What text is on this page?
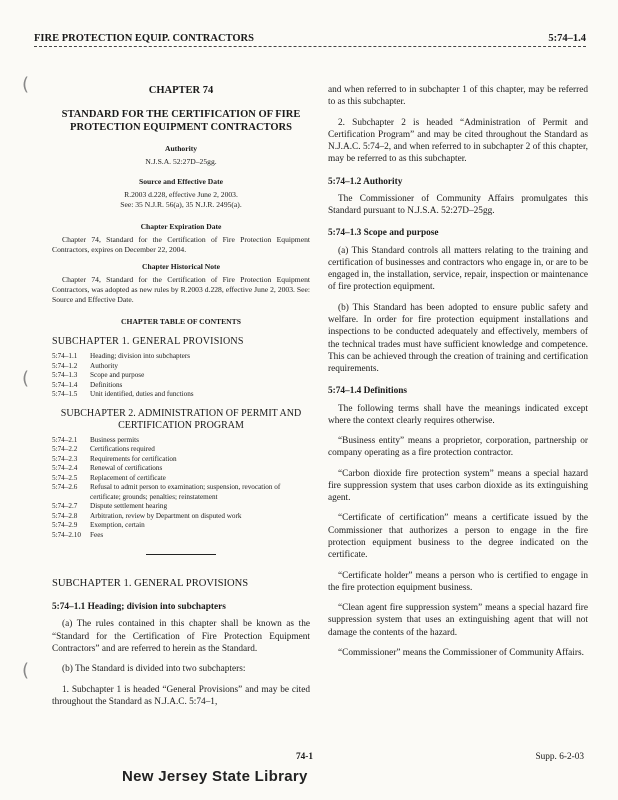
FIRE PROTECTION EQUIP. CONTRACTORS	5:74–1.4
(
(
(
CHAPTER 74
STANDARD FOR THE CERTIFICATION OF FIRE PROTECTION EQUIPMENT CONTRACTORS
Authority
N.J.S.A. 52:27D–25gg.
Source and Effective Date
R.2003 d.228, effective June 2, 2003.
See: 35 N.J.R. 56(a), 35 N.J.R. 2495(a).
Chapter Expiration Date
Chapter 74, Standard for the Certification of Fire Protection Equipment Contractors, expires on December 22, 2004.
Chapter Historical Note
Chapter 74, Standard for the Certification of Fire Protection Equipment Contractors, was adopted as new rules by R.2003 d.228, effective June 2, 2003. See: Source and Effective Date.
CHAPTER TABLE OF CONTENTS
SUBCHAPTER 1. GENERAL PROVISIONS
5:74–1.1	Heading; division into subchapters
5:74–1.2	Authority
5:74–1.3	Scope and purpose
5:74–1.4	Definitions
5:74–1.5	Unit identified, duties and functions
SUBCHAPTER 2. ADMINISTRATION OF PERMIT AND CERTIFICATION PROGRAM
5:74–2.1	Business permits
5:74–2.2	Certifications required
5:74–2.3	Requirements for certification
5:74–2.4	Renewal of certifications
5:74–2.5	Replacement of certificate
5:74–2.6	Refusal to admit person to examination; suspension, revocation of certificate; grounds; penalties; reinstatement
5:74–2.7	Dispute settlement hearing
5:74–2.8	Arbitration, review by Department on disputed work
5:74–2.9	Exemption, certain
5:74–2.10	Fees
SUBCHAPTER 1. GENERAL PROVISIONS
5:74–1.1 Heading; division into subchapters

(a) The rules contained in this chapter shall be known as the “Standard for the Certification of Fire Protection Equipment Contractors” and are referred to herein as the Standard.

(b) The Standard is divided into two subchapters:

1. Subchapter 1 is headed “General Provisions” and may be cited throughout the Standard as N.J.A.C. 5:74–1,

and when referred to in subchapter 1 of this chapter, may be referred to as this subchapter.

2. Subchapter 2 is headed “Administration of Permit and Certification Program” and may be cited throughout the Standard as N.J.A.C. 5:74–2, and when referred to in subchapter 2 of this chapter, may be referred to as this subchapter.

5:74–1.2 Authority

The Commissioner of Community Affairs promulgates this Standard pursuant to N.J.S.A. 52:27D–25gg.

5:74–1.3 Scope and purpose

(a) This Standard controls all matters relating to the training and certification of businesses and contractors who engage in, or are to be engaged in, the installation, service, repair, inspection or maintenance of fire protection equipment.

(b) This Standard has been adopted to ensure public safety and welfare. In order for fire protection equipment installations and inspections to be conducted adequately and effectively, members of the technical trades must have sufficient knowledge and competence. This can be achieved through the creation of training and certification requirements.

5:74–1.4 Definitions

The following terms shall have the meanings indicated except where the context clearly requires otherwise.

“Business entity” means a proprietor, corporation, partnership or company operating as a fire protection contractor.

“Carbon dioxide fire protection system” means a special hazard fire suppression system that uses carbon dioxide as its extinguishing agent.

“Certificate of certification” means a certificate issued by the Commissioner that authorizes a person to engage in the fire protection equipment business to the degree indicated on the certificate.

“Certificate holder” means a person who is certified to engage in the fire protection equipment business.

“Clean agent fire suppression system” means a special hazard fire suppression system that uses an extinguishing agent that will not damage the contents of the hazard.

“Commissioner” means the Commissioner of Community Affairs.

74-1	Supp. 6-2-03
New Jersey State Library
